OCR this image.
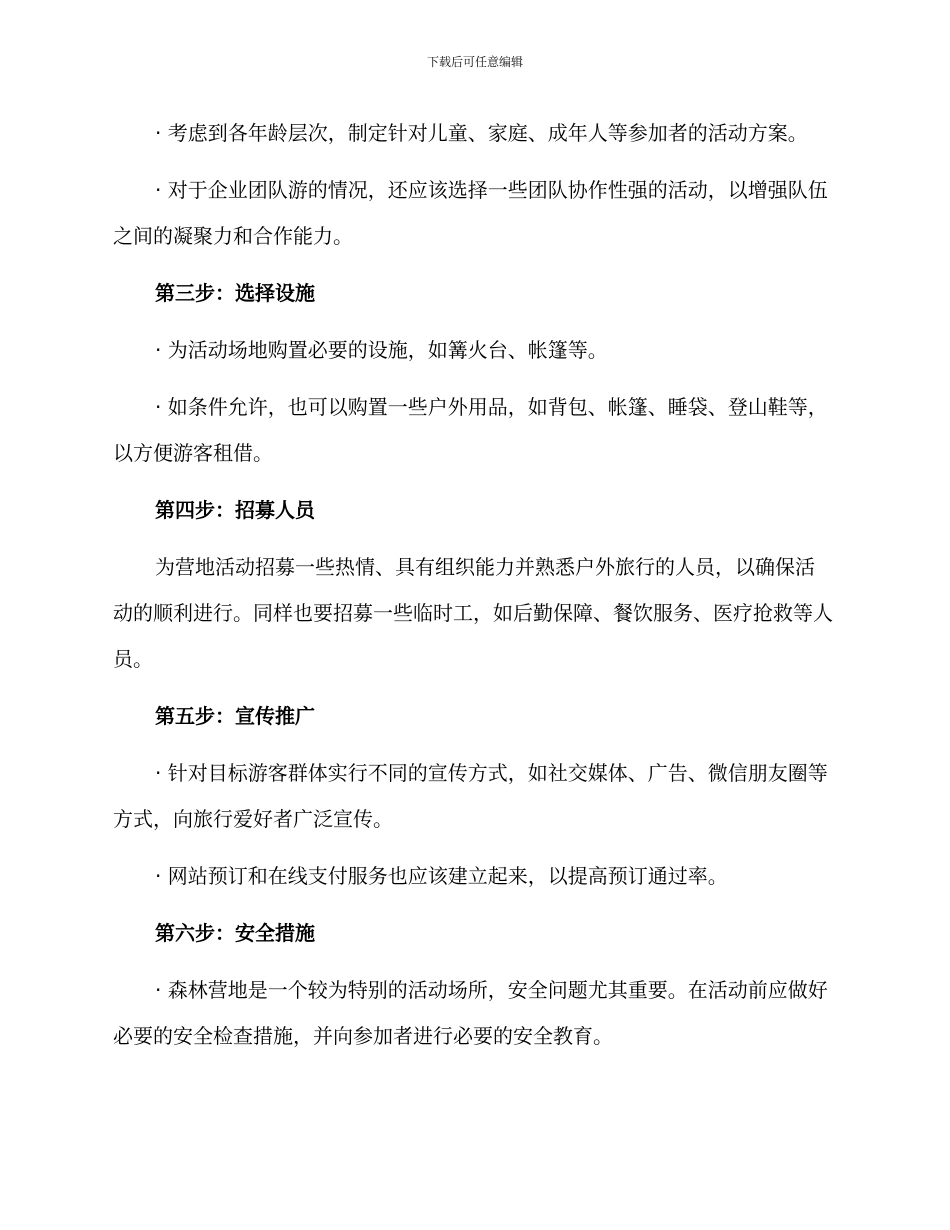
下载后可任意编辑

· 考虑到各年龄层次，制定针对儿童、家庭、成年人等参加者的活动方案。

· 对于企业团队游的情况，还应该选择一些团队协作性强的活动，以增强队伍之间的凝聚力和合作能力。

第三步：选择设施

· 为活动场地购置必要的设施，如篝火台、帐篷等。

· 如条件允许，也可以购置一些户外用品，如背包、帐篷、睡袋、登山鞋等，以方便游客租借。

第四步：招募人员

为营地活动招募一些热情、具有组织能力并熟悉户外旅行的人员，以确保活动的顺利进行。同样也要招募一些临时工，如后勤保障、餐饮服务、医疗抢救等人员。

第五步：宣传推广

· 针对目标游客群体实行不同的宣传方式，如社交媒体、广告、微信朋友圈等方式，向旅行爱好者广泛宣传。

· 网站预订和在线支付服务也应该建立起来，以提高预订通过率。

第六步：安全措施

· 森林营地是一个较为特别的活动场所，安全问题尤其重要。在活动前应做好必要的安全检查措施，并向参加者进行必要的安全教育。
